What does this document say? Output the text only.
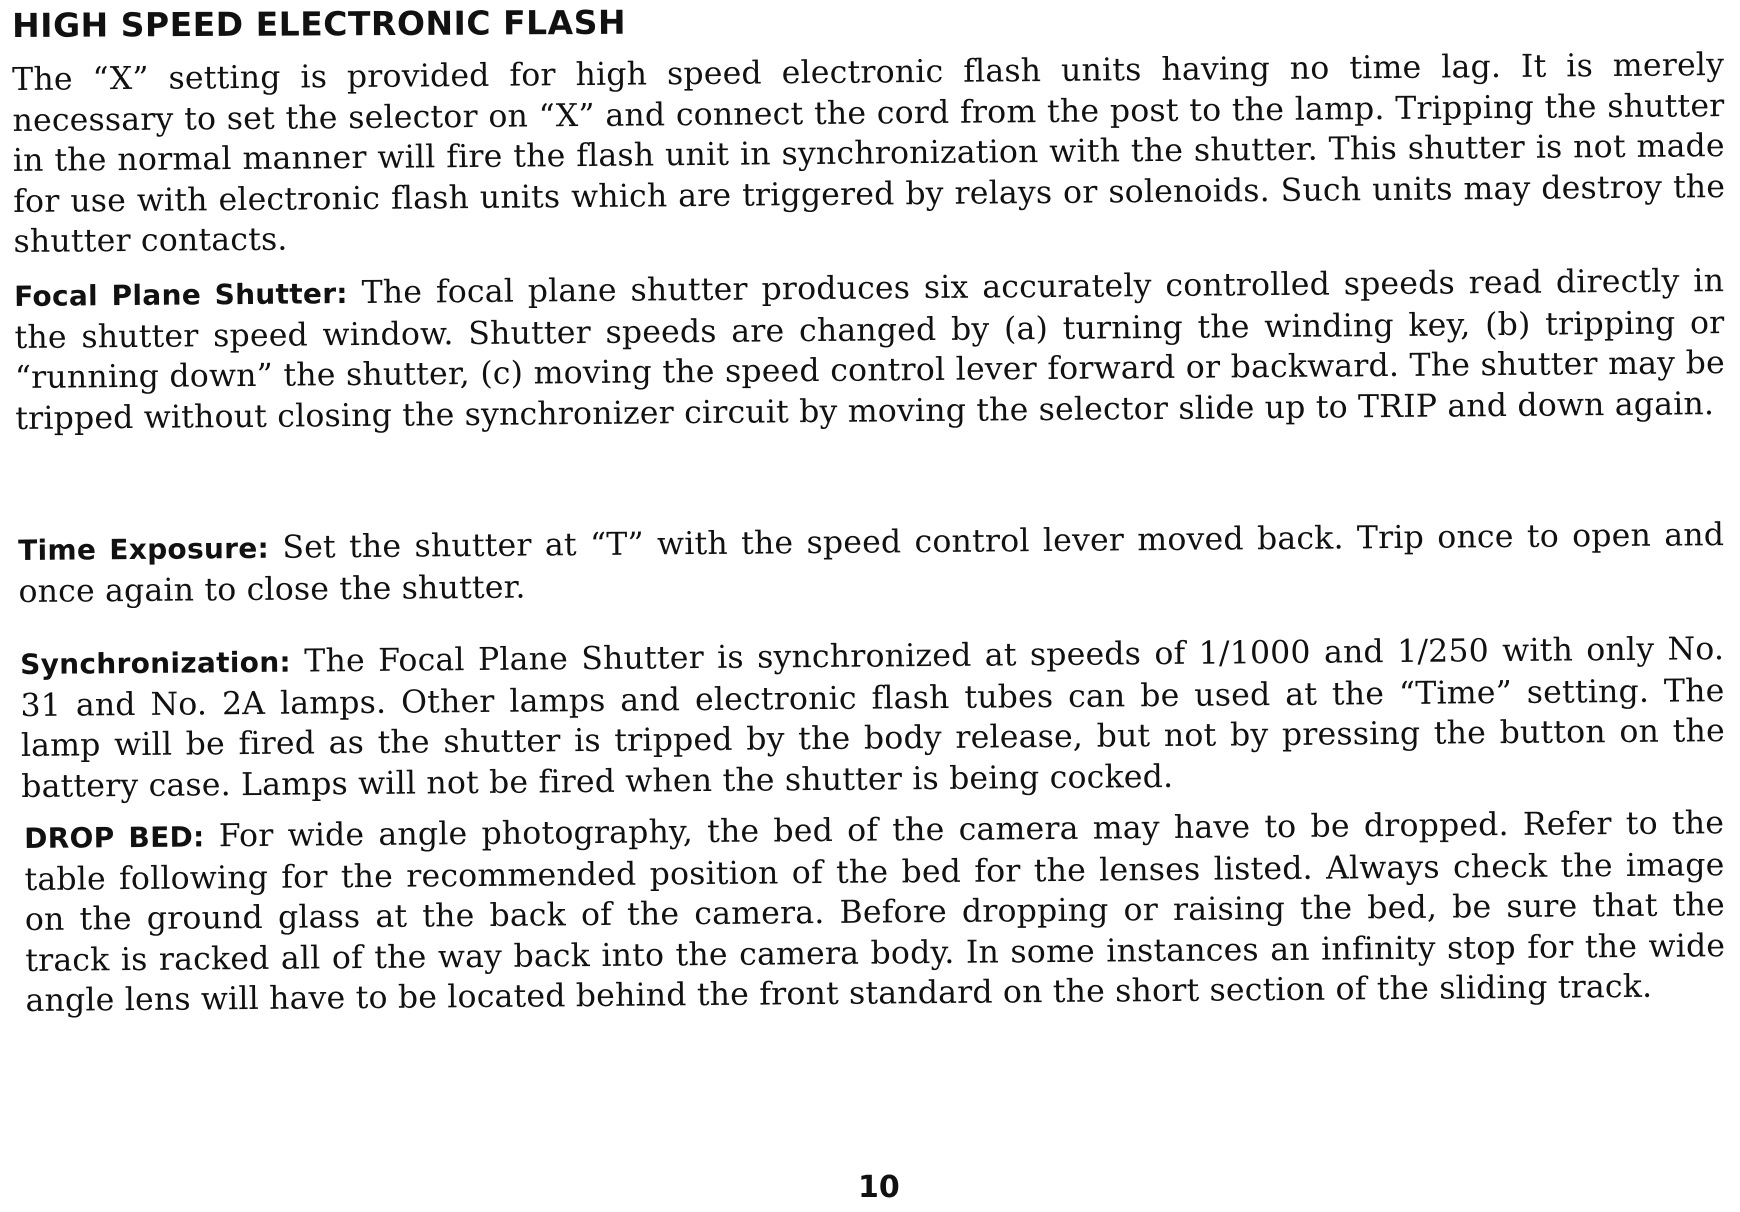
HIGH SPEED ELECTRONIC FLASH

The “X” setting is provided for high speed electronic flash units having no time lag. It is merely necessary to set the selector on “X” and connect the cord from the post to the lamp. Tripping the shutter in the normal manner will fire the flash unit in synchronization with the shutter. This shutter is not made for use with electronic flash units which are triggered by relays or solenoids. Such units may destroy the shutter contacts.

Focal Plane Shutter: The focal plane shutter produces six accurately controlled speeds read directly in the shutter speed window. Shutter speeds are changed by (a) turning the winding key, (b) tripping or “running down” the shutter, (c) moving the speed control lever forward or backward. The shutter may be tripped without closing the synchronizer circuit by moving the selector slide up to TRIP and down again.

Time Exposure: Set the shutter at “T” with the speed control lever moved back. Trip once to open and once again to close the shutter.

Synchronization: The Focal Plane Shutter is synchronized at speeds of 1/1000 and 1/250 with only No. 31 and No. 2A lamps. Other lamps and electronic flash tubes can be used at the “Time” setting. The lamp will be fired as the shutter is tripped by the body release, but not by pressing the button on the battery case. Lamps will not be fired when the shutter is being cocked.

DROP BED: For wide angle photography, the bed of the camera may have to be dropped. Refer to the table following for the recommended position of the bed for the lenses listed. Always check the image on the ground glass at the back of the camera. Before dropping or raising the bed, be sure that the track is racked all of the way back into the camera body. In some instances an infinity stop for the wide angle lens will have to be located behind the front standard on the short section of the sliding track.

10
